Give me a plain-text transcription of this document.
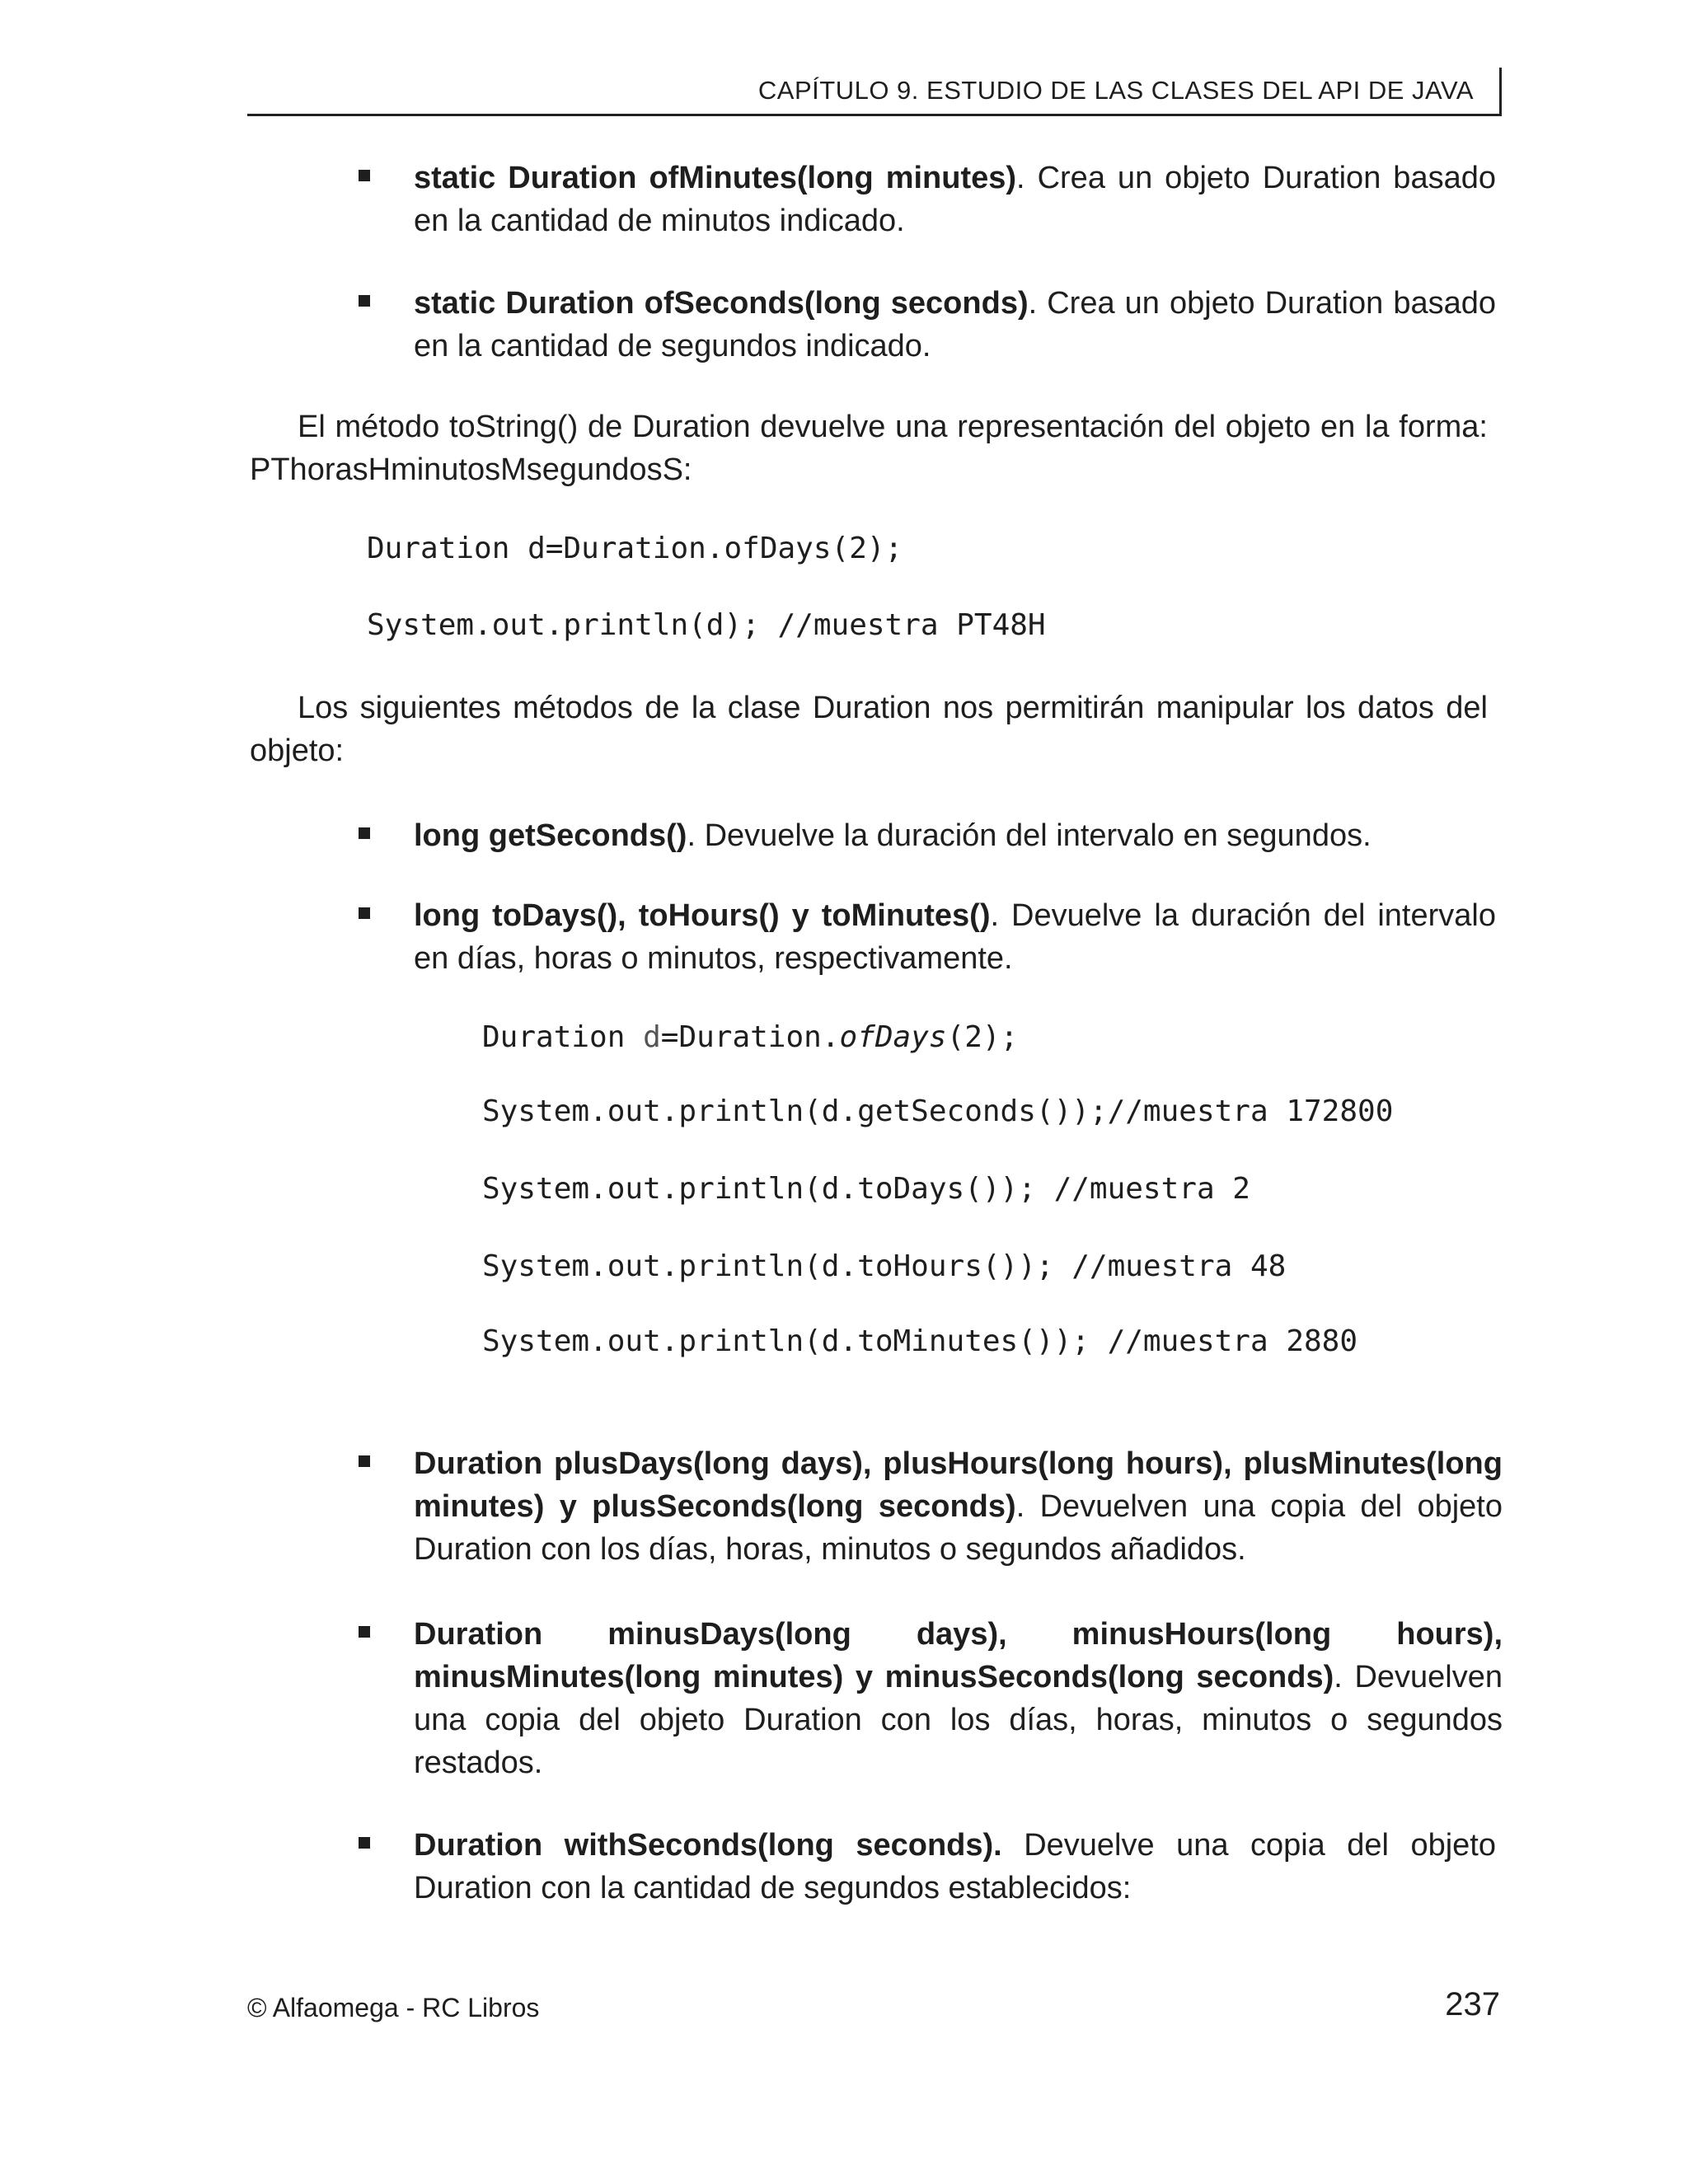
CAPÍTULO 9. ESTUDIO DE LAS CLASES DEL API DE JAVA
static Duration ofMinutes(long minutes). Crea un objeto Duration basado en la cantidad de minutos indicado.
static Duration ofSeconds(long seconds). Crea un objeto Duration basado en la cantidad de segundos indicado.
El método toString() de Duration devuelve una representación del objeto en la forma: PThorasHminutosMsegundosS:
Duration d=Duration.ofDays(2);
System.out.println(d); //muestra PT48H
Los siguientes métodos de la clase Duration nos permitirán manipular los datos del objeto:
long getSeconds(). Devuelve la duración del intervalo en segundos.
long toDays(), toHours() y toMinutes(). Devuelve la duración del intervalo en días, horas o minutos, respectivamente.
Duration d=Duration.ofDays(2);
System.out.println(d.getSeconds());//muestra 172800
System.out.println(d.toDays()); //muestra 2
System.out.println(d.toHours()); //muestra 48
System.out.println(d.toMinutes()); //muestra 2880
Duration plusDays(long days), plusHours(long hours), plusMinutes(long minutes) y plusSeconds(long seconds). Devuelven una copia del objeto Duration con los días, horas, minutos o segundos añadidos.
Duration minusDays(long days), minusHours(long hours),
minusMinutes(long minutes) y minusSeconds(long seconds). Devuelven una copia del objeto Duration con los días, horas, minutos o segundos restados.
Duration withSeconds(long seconds). Devuelve una copia del objeto Duration con la cantidad de segundos establecidos:
© Alfaomega - RC Libros	237
